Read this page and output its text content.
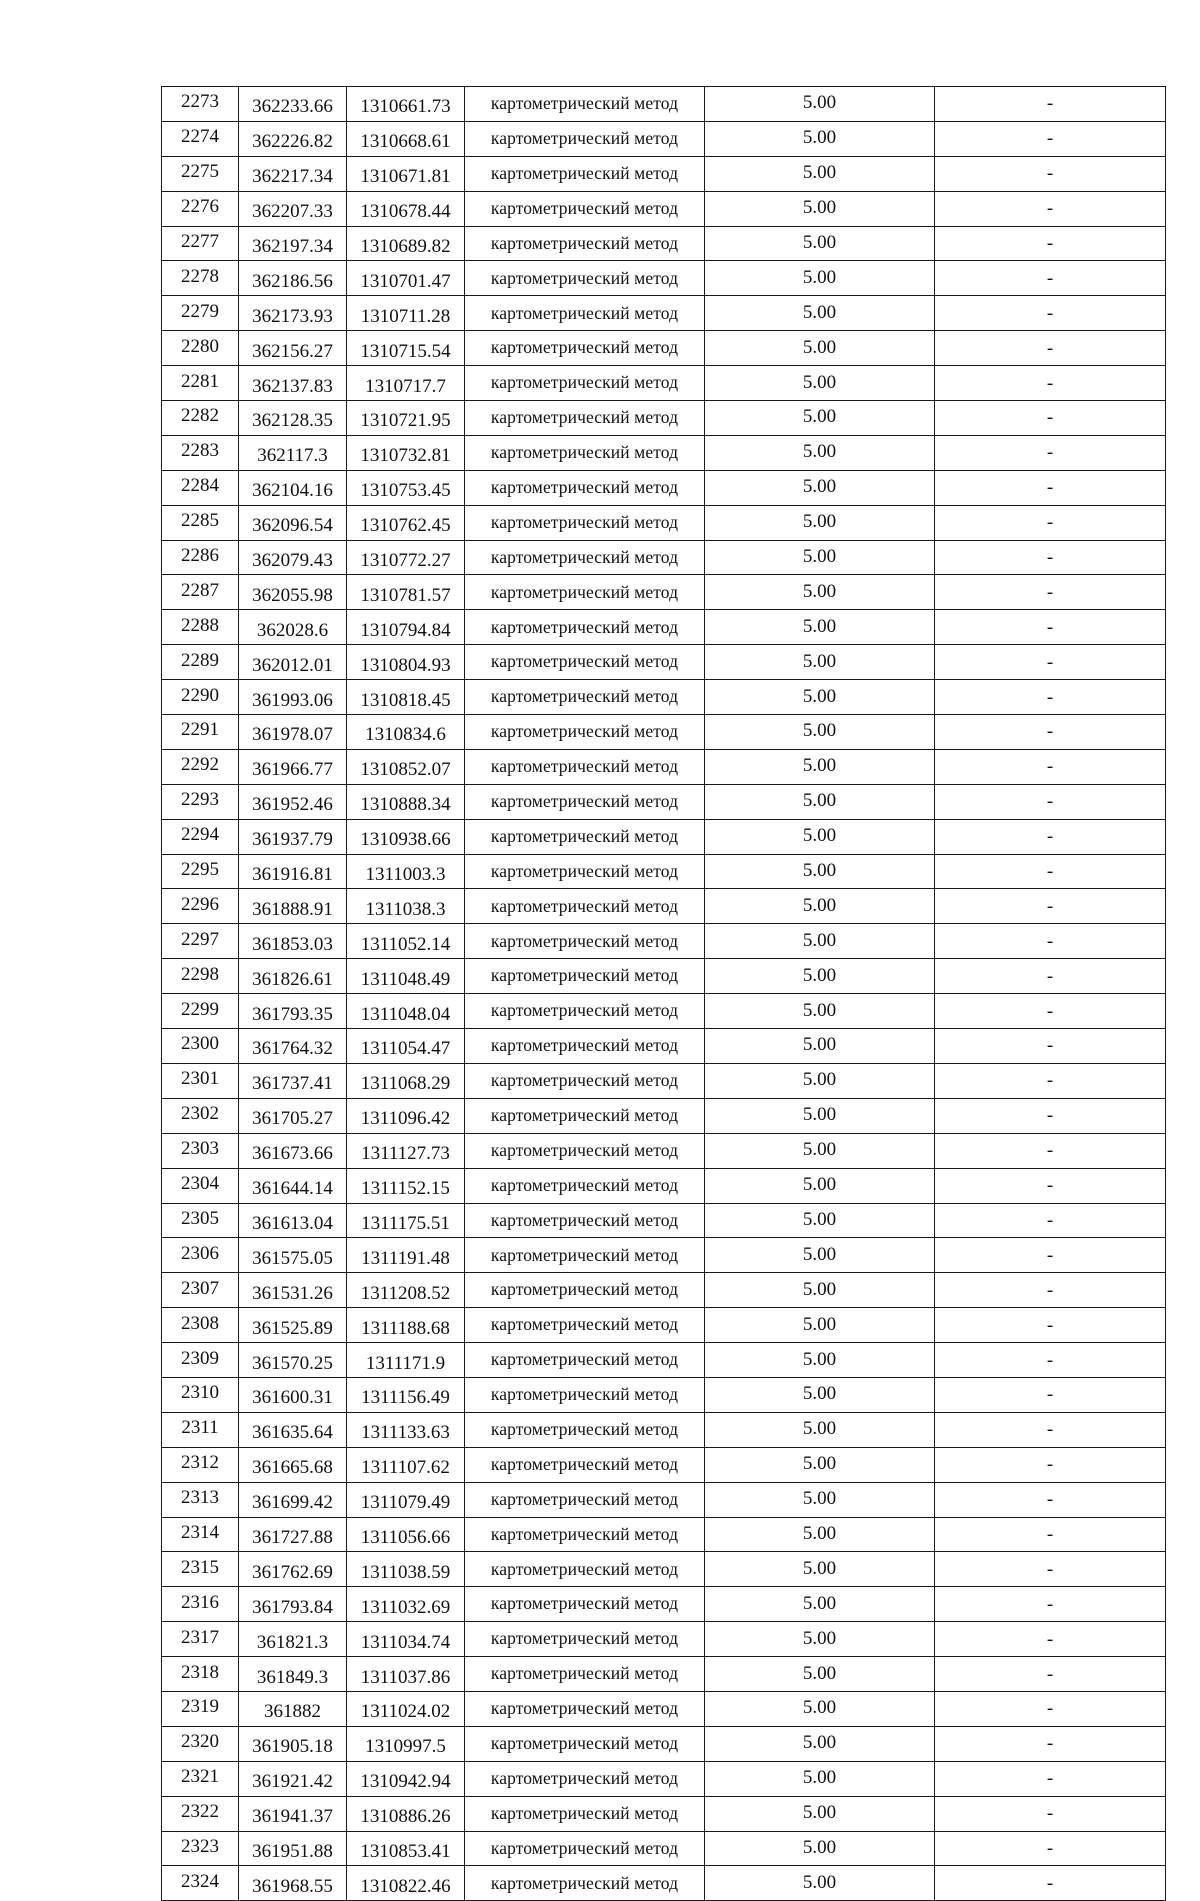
2273	362233.66	1310661.73	картометрический метод	5.00	-
2274	362226.82	1310668.61	картометрический метод	5.00	-
2275	362217.34	1310671.81	картометрический метод	5.00	-
2276	362207.33	1310678.44	картометрический метод	5.00	-
2277	362197.34	1310689.82	картометрический метод	5.00	-
2278	362186.56	1310701.47	картометрический метод	5.00	-
2279	362173.93	1310711.28	картометрический метод	5.00	-
2280	362156.27	1310715.54	картометрический метод	5.00	-
2281	362137.83	1310717.7	картометрический метод	5.00	-
2282	362128.35	1310721.95	картометрический метод	5.00	-
2283	362117.3	1310732.81	картометрический метод	5.00	-
2284	362104.16	1310753.45	картометрический метод	5.00	-
2285	362096.54	1310762.45	картометрический метод	5.00	-
2286	362079.43	1310772.27	картометрический метод	5.00	-
2287	362055.98	1310781.57	картометрический метод	5.00	-
2288	362028.6	1310794.84	картометрический метод	5.00	-
2289	362012.01	1310804.93	картометрический метод	5.00	-
2290	361993.06	1310818.45	картометрический метод	5.00	-
2291	361978.07	1310834.6	картометрический метод	5.00	-
2292	361966.77	1310852.07	картометрический метод	5.00	-
2293	361952.46	1310888.34	картометрический метод	5.00	-
2294	361937.79	1310938.66	картометрический метод	5.00	-
2295	361916.81	1311003.3	картометрический метод	5.00	-
2296	361888.91	1311038.3	картометрический метод	5.00	-
2297	361853.03	1311052.14	картометрический метод	5.00	-
2298	361826.61	1311048.49	картометрический метод	5.00	-
2299	361793.35	1311048.04	картометрический метод	5.00	-
2300	361764.32	1311054.47	картометрический метод	5.00	-
2301	361737.41	1311068.29	картометрический метод	5.00	-
2302	361705.27	1311096.42	картометрический метод	5.00	-
2303	361673.66	1311127.73	картометрический метод	5.00	-
2304	361644.14	1311152.15	картометрический метод	5.00	-
2305	361613.04	1311175.51	картометрический метод	5.00	-
2306	361575.05	1311191.48	картометрический метод	5.00	-
2307	361531.26	1311208.52	картометрический метод	5.00	-
2308	361525.89	1311188.68	картометрический метод	5.00	-
2309	361570.25	1311171.9	картометрический метод	5.00	-
2310	361600.31	1311156.49	картометрический метод	5.00	-
2311	361635.64	1311133.63	картометрический метод	5.00	-
2312	361665.68	1311107.62	картометрический метод	5.00	-
2313	361699.42	1311079.49	картометрический метод	5.00	-
2314	361727.88	1311056.66	картометрический метод	5.00	-
2315	361762.69	1311038.59	картометрический метод	5.00	-
2316	361793.84	1311032.69	картометрический метод	5.00	-
2317	361821.3	1311034.74	картометрический метод	5.00	-
2318	361849.3	1311037.86	картометрический метод	5.00	-
2319	361882	1311024.02	картометрический метод	5.00	-
2320	361905.18	1310997.5	картометрический метод	5.00	-
2321	361921.42	1310942.94	картометрический метод	5.00	-
2322	361941.37	1310886.26	картометрический метод	5.00	-
2323	361951.88	1310853.41	картометрический метод	5.00	-
2324	361968.55	1310822.46	картометрический метод	5.00	-
